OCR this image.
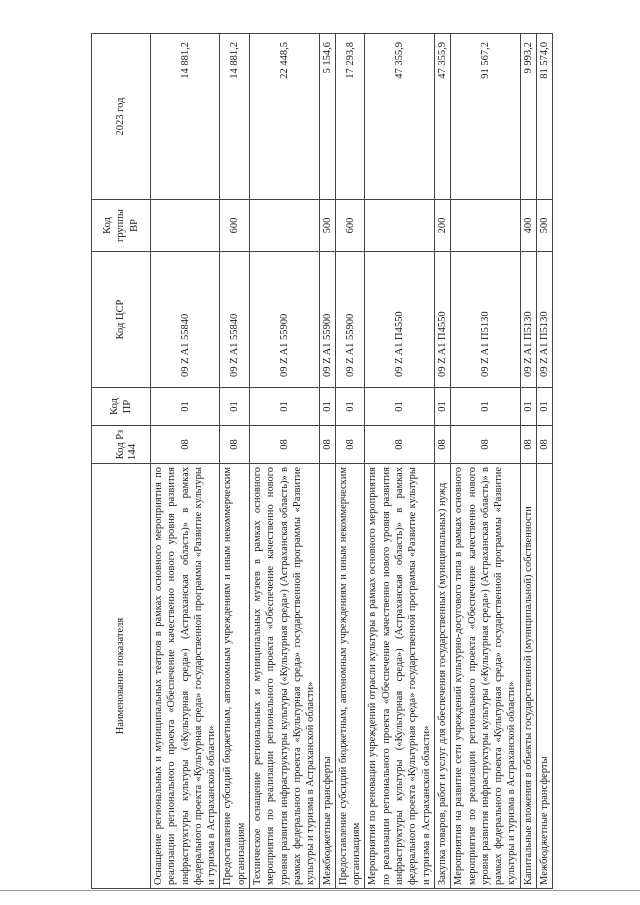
144
Наименование показателя	Код Рз	Код ПР	Код ЦСР	Код группы ВР	2023 год
Оснащение региональных и муниципальных театров в рамках основного мероприятия по реализации регионального проекта «Обеспечение качественно нового уровня развития инфраструктуры культуры («Культурная среда») (Астраханская область)» в рамках федерального проекта «Культурная среда» государственной программы «Развитие культуры и туризма в Астраханской области»	08	01	09 Z A1 55840		14 881,2
Предоставление субсидий бюджетным, автономным учреждениям и иным некоммерческим организациям	08	01	09 Z A1 55840	600	14 881,2
Техническое оснащение региональных и муниципальных музеев в рамках основного мероприятия по реализации регионального проекта «Обеспечение качественно нового уровня развития инфраструктуры культуры («Культурная среда») (Астраханская область)» в рамках федерального проекта «Культурная среда» государственной программы «Развитие культуры и туризма в Астраханской области»	08	01	09 Z A1 55900		22 448,5
Межбюджетные трансферты	08	01	09 Z A1 55900	500	5 154,6
Предоставление субсидий бюджетным, автономным учреждениям и иным некоммерческим организациям	08	01	09 Z A1 55900	600	17 293,8
Мероприятия по реновации учреждений отрасли культуры в рамках основного мероприятия по реализации регионального проекта «Обеспечение качественно нового уровня развития инфраструктуры культуры («Культурная среда») (Астраханская область)» в рамках федерального проекта «Культурная среда» государственной программы «Развитие культуры и туризма в Астраханской области»	08	01	09 Z A1 П4550		47 355,9
Закупка товаров, работ и услуг для обеспечения государственных (муниципальных) нужд	08	01	09 Z A1 П4550	200	47 355,9
Мероприятия на развитие сети учреждений культурно-досугового типа в рамках основного мероприятия по реализации регионального проекта «Обеспечение качественно нового уровня развития инфраструктуры культуры («Культурная среда») (Астраханская область)» в рамках федерального проекта «Культурная среда» государственной программы «Развитие культуры и туризма в Астраханской области»	08	01	09 Z A1 П5130		91 567,2
Капитальные вложения в объекты государственной (муниципальной) собственности	08	01	09 Z A1 П5130	400	9 993,2
Межбюджетные трансферты	08	01	09 Z A1 П5130	500	81 574,0
